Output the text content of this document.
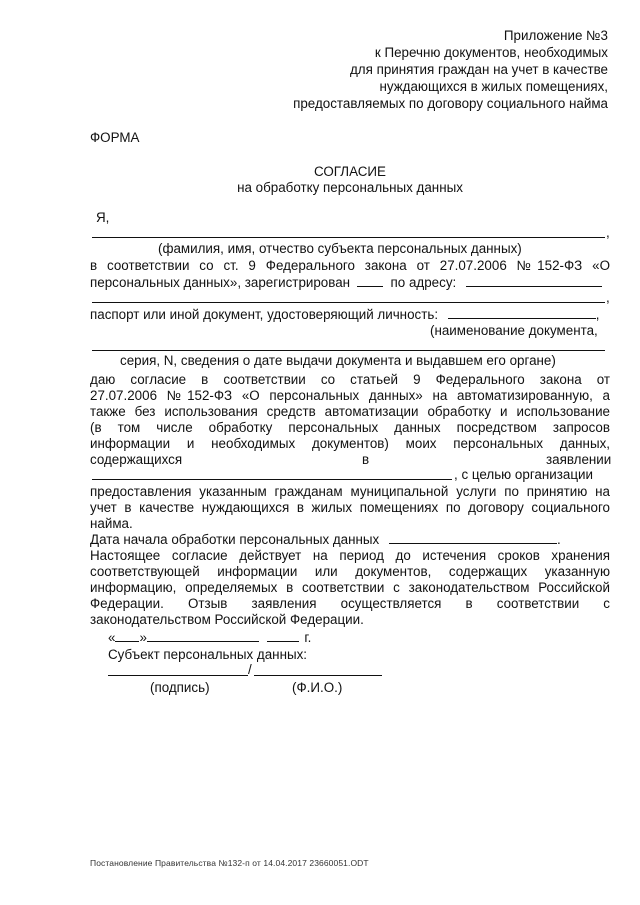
Приложение №3
к Перечню документов, необходимых
для принятия граждан на учет в качестве
нуждающихся в жилых помещениях,
предоставляемых по договору социального найма
ФОРМА
СОГЛАСИЕ
на обработку персональных данных
Я,
,
(фамилия, имя, отчество субъекта персональных данных)
в соответствии со ст. 9 Федерального закона от 27.07.2006 №152-ФЗ «О
персональных данных», зарегистрирован	по адресу:
,
паспорт или иной документ, удостоверяющий личность:	,
(наименование документа,
серия, N, сведения о дате выдачи документа и выдавшем его органе)
даю согласие в соответствии со статьей 9 Федерального закона от
27.07.2006 №152-ФЗ «О персональных данных» на автоматизированную, а
также без использования средств автоматизации обработку и использование
(в том числе обработку персональных данных посредством запросов
информации и необходимых документов) моих персональных данных,
содержащихся	в	заявлении
, с целью организации
предоставления указанным гражданам муниципальной услуги по принятию на
учет в качестве нуждающихся в жилых помещениях по договору социального
найма.
Дата начала обработки персональных данных	.
Настоящее согласие действует на период до истечения сроков хранения
соответствующей информации или документов, содержащих указанную
информацию, определяемых в соответствии с законодательством Российской
Федерации. Отзыв заявления осуществляется в соответствии с
законодательством Российской Федерации.
« »	г.
Субъект персональных данных:
/
(подпись)	(Ф.И.О.)
Постановление Правительства №132-п от 14.04.2017 23660051.ODT
